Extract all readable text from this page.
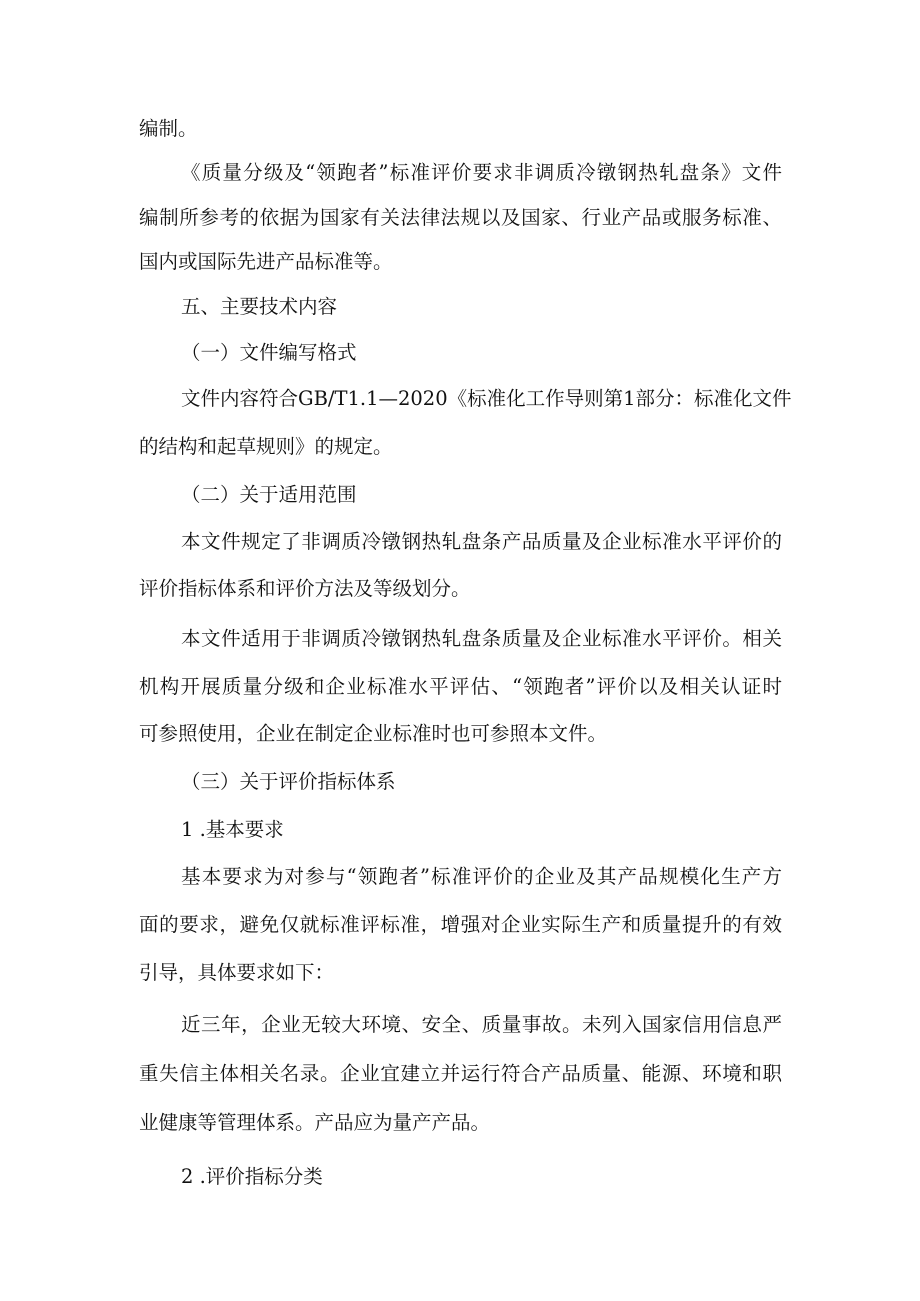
编制。
《质量分级及“领跑者”标准评价要求非调质冷镦钢热轧盘条》文件
编制所参考的依据为国家有关法律法规以及国家、行业产品或服务标准、
国内或国际先进产品标准等。
五、主要技术内容
（一）文件编写格式
文件内容符合GB/T1.1—2020《标准化工作导则第1部分：标准化文件
的结构和起草规则》的规定。
（二）关于适用范围
本文件规定了非调质冷镦钢热轧盘条产品质量及企业标准水平评价的
评价指标体系和评价方法及等级划分。
本文件适用于非调质冷镦钢热轧盘条质量及企业标准水平评价。相关
机构开展质量分级和企业标准水平评估、“领跑者”评价以及相关认证时
可参照使用，企业在制定企业标准时也可参照本文件。
（三）关于评价指标体系
1 .基本要求
基本要求为对参与“领跑者”标准评价的企业及其产品规模化生产方
面的要求，避免仅就标准评标准，增强对企业实际生产和质量提升的有效
引导，具体要求如下：
近三年，企业无较大环境、安全、质量事故。未列入国家信用信息严
重失信主体相关名录。企业宜建立并运行符合产品质量、能源、环境和职
业健康等管理体系。产品应为量产产品。
2 .评价指标分类
